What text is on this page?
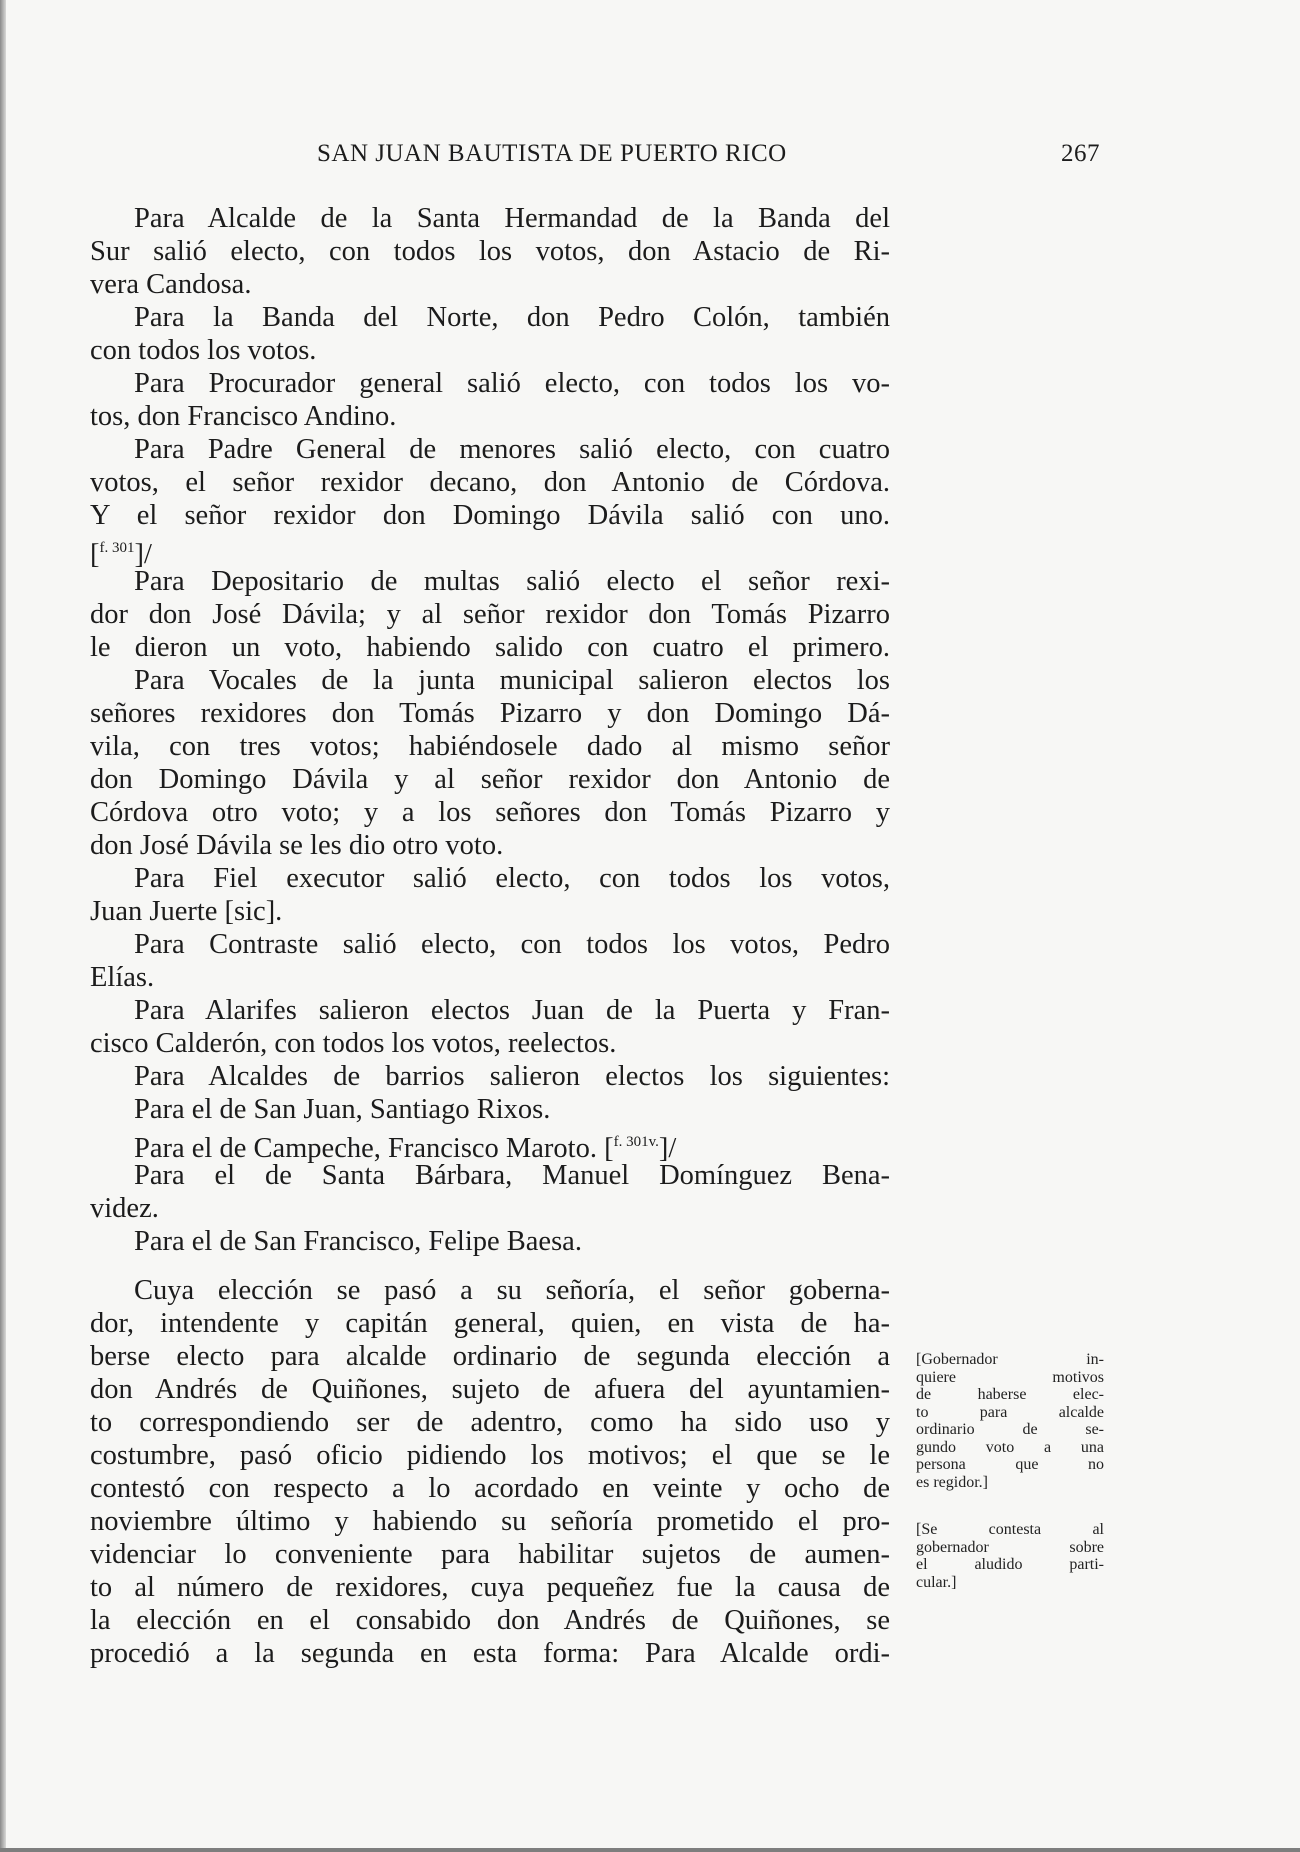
SAN JUAN BAUTISTA DE PUERTO RICO	267
Para Alcalde de la Santa Hermandad de la Banda del
Sur salió electo, con todos los votos, don Astacio de Ri-
vera Candosa.
Para la Banda del Norte, don Pedro Colón, también
con todos los votos.
Para Procurador general salió electo, con todos los vo-
tos, don Francisco Andino.
Para Padre General de menores salió electo, con cuatro
votos, el señor rexidor decano, don Antonio de Córdova.
Y el señor rexidor don Domingo Dávila salió con uno.
[$^{f. 301}$]/
Para Depositario de multas salió electo el señor rexi-
dor don José Dávila; y al señor rexidor don Tomás Pizarro
le dieron un voto, habiendo salido con cuatro el primero.
Para Vocales de la junta municipal salieron electos los
señores rexidores don Tomás Pizarro y don Domingo Dá-
vila, con tres votos; habiéndosele dado al mismo señor
don Domingo Dávila y al señor rexidor don Antonio de
Córdova otro voto; y a los señores don Tomás Pizarro y
don José Dávila se les dio otro voto.
Para Fiel executor salió electo, con todos los votos,
Juan Juerte [sic].
Para Contraste salió electo, con todos los votos, Pedro
Elías.
Para Alarifes salieron electos Juan de la Puerta y Fran-
cisco Calderón, con todos los votos, reelectos.
Para Alcaldes de barrios salieron electos los siguientes:
Para el de San Juan, Santiago Rixos.
Para el de Campeche, Francisco Maroto. [$^{f. 301v.}$]/
Para el de Santa Bárbara, Manuel Domínguez Bena-
videz.
Para el de San Francisco, Felipe Baesa.
Cuya elección se pasó a su señoría, el señor goberna-
dor, intendente y capitán general, quien, en vista de ha-
berse electo para alcalde ordinario de segunda elección a
don Andrés de Quiñones, sujeto de afuera del ayuntamien-
to correspondiendo ser de adentro, como ha sido uso y
costumbre, pasó oficio pidiendo los motivos; el que se le
contestó con respecto a lo acordado en veinte y ocho de
noviembre último y habiendo su señoría prometido el pro-
videnciar lo conveniente para habilitar sujetos de aumen-
to al número de rexidores, cuya pequeñez fue la causa de
la elección en el consabido don Andrés de Quiñones, se
procedió a la segunda en esta forma: Para Alcalde ordi-
[Gobernador in-
quiere motivos
de haberse elec-
to para alcalde
ordinario de se-
gundo voto a una
persona que no
es regidor.]
[Se contesta al
gobernador sobre
el aludido parti-
cular.]
